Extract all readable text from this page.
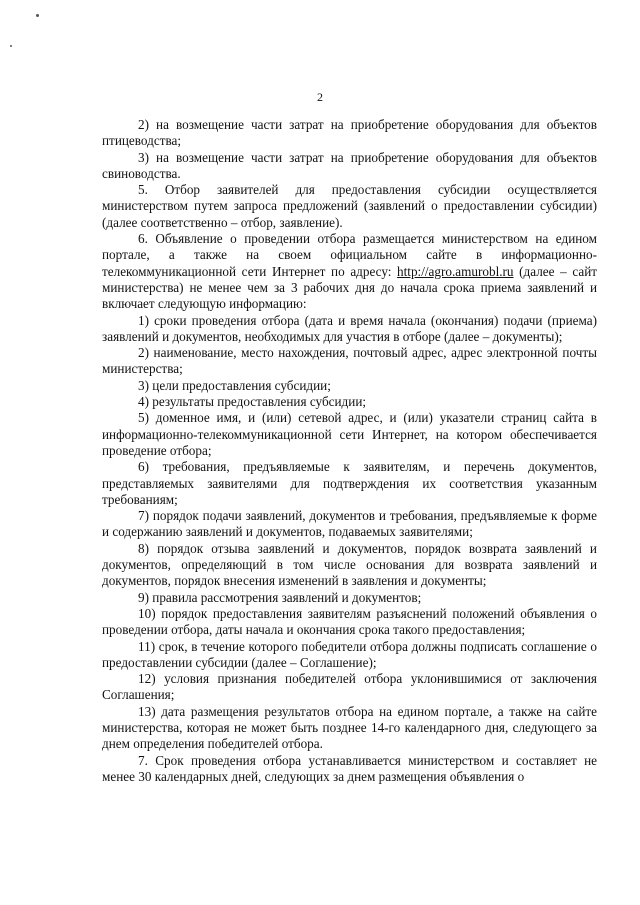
2

2) на возмещение части затрат на приобретение оборудования для объектов птицеводства;

3) на возмещение части затрат на приобретение оборудования для объектов свиноводства.

5. Отбор заявителей для предоставления субсидии осуществляется министерством путем запроса предложений (заявлений о предоставлении субсидии) (далее соответственно – отбор, заявление).

6. Объявление о проведении отбора размещается министерством на едином портале, а также на своем официальном сайте в информационно-телекоммуникационной сети Интернет по адресу: http://agro.amurobl.ru (далее – сайт министерства) не менее чем за 3 рабочих дня до начала срока приема заявлений и включает следующую информацию:

1) сроки проведения отбора (дата и время начала (окончания) подачи (приема) заявлений и документов, необходимых для участия в отборе (далее – документы);

2) наименование, место нахождения, почтовый адрес, адрес электронной почты министерства;

3) цели предоставления субсидии;

4) результаты предоставления субсидии;

5) доменное имя, и (или) сетевой адрес, и (или) указатели страниц сайта в информационно-телекоммуникационной сети Интернет, на котором обеспечивается проведение отбора;

6) требования, предъявляемые к заявителям, и перечень документов, представляемых заявителями для подтверждения их соответствия указанным требованиям;

7) порядок подачи заявлений, документов и требования, предъявляемые к форме и содержанию заявлений и документов, подаваемых заявителями;

8) порядок отзыва заявлений и документов, порядок возврата заявлений и документов, определяющий в том числе основания для возврата заявлений и документов, порядок внесения изменений в заявления и документы;

9) правила рассмотрения заявлений и документов;

10) порядок предоставления заявителям разъяснений положений объявления о проведении отбора, даты начала и окончания срока такого предоставления;

11) срок, в течение которого победители отбора должны подписать соглашение о предоставлении субсидии (далее – Соглашение);

12) условия признания победителей отбора уклонившимися от заключения Соглашения;

13) дата размещения результатов отбора на едином портале, а также на сайте министерства, которая не может быть позднее 14-го календарного дня, следующего за днем определения победителей отбора.

7. Срок проведения отбора устанавливается министерством и составляет не менее 30 календарных дней, следующих за днем размещения объявления о
